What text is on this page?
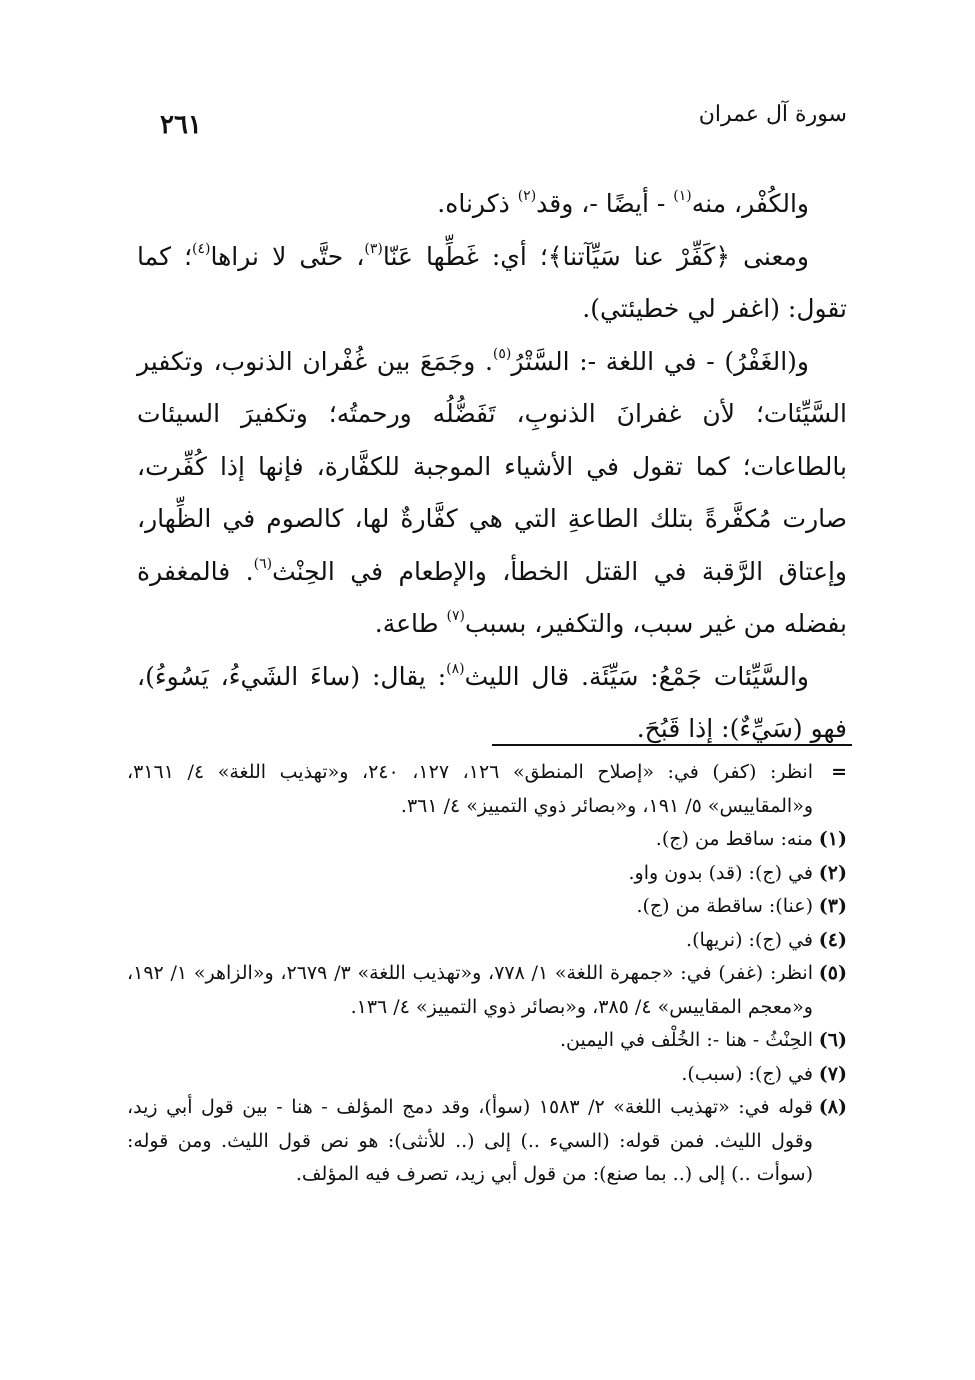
سورة آل عمران
٢٦١

والكُفْر، منه$^{(١)}$ - أيضًا -، وقد$^{(٢)}$ ذكرناه.

ومعنى ﴿كَفِّرْ عنا سَيِّآتنا﴾؛ أي: غَطِّها عَنّا$^{(٣)}$، حتَّى لا نراها$^{(٤)}$؛ كما تقول: (اغفر لي خطيئتي).

و(الغَفْرُ) - في اللغة -: السَّتْرُ$^{(٥)}$. وجَمَعَ بين غُفْران الذنوب، وتكفير السَّيِّئات؛ لأن غفرانَ الذنوبِ، تَفَضُّلُه ورحمتُه؛ وتكفيرَ السيئات بالطاعات؛ كما تقول في الأشياء الموجبة للكفَّارة، فإنها إذا كُفِّرت، صارت مُكفَّرةً بتلك الطاعةِ التي هي كفَّارةٌ لها، كالصوم في الظِّهار، وإعتاق الرَّقبة في القتل الخطأ، والإطعام في الحِنْث$^{(٦)}$. فالمغفرة بفضله من غير سبب، والتكفير، بسبب$^{(٧)}$ طاعة.

والسَّيِّئات جَمْعُ: سَيِّئَة. قال الليث$^{(٨)}$: يقال: (ساءَ الشَيءُ، يَسُوءُ)، فهو (سَيِّءٌ): إذا قَبُحَ.

=
انظر: (كفر) في: «إصلاح المنطق» ١٢٦، ١٢٧، ٢٤٠، و«تهذيب اللغة» ٤/ ٣١٦١، و«المقاييس» ٥/ ١٩١، و«بصائر ذوي التمييز» ٤/ ٣٦١.
(١)
منه: ساقط من (ج).
(٢)
في (ج): (قد) بدون واو.
(٣)
(عنا): ساقطة من (ج).
(٤)
في (ج): (نريها).
(٥)
انظر: (غفر) في: «جمهرة اللغة» ١/ ٧٧٨، و«تهذيب اللغة» ٣/ ٢٦٧٩، و«الزاهر» ١/ ١٩٢، و«معجم المقاييس» ٤/ ٣٨٥، و«بصائر ذوي التمييز» ٤/ ١٣٦.
(٦)
الحِنْثُ - هنا -: الخُلْف في اليمين.
(٧)
في (ج): (سبب).
(٨)
قوله في: «تهذيب اللغة» ٢/ ١٥٨٣ (سوأ)، وقد دمج المؤلف - هنا - بين قول أبي زيد، وقول الليث. فمن قوله: (السيء ..) إلى (.. للأنثى): هو نص قول الليث. ومن قوله: (سوأت ..) إلى (.. بما صنع): من قول أبي زيد، تصرف فيه المؤلف.
